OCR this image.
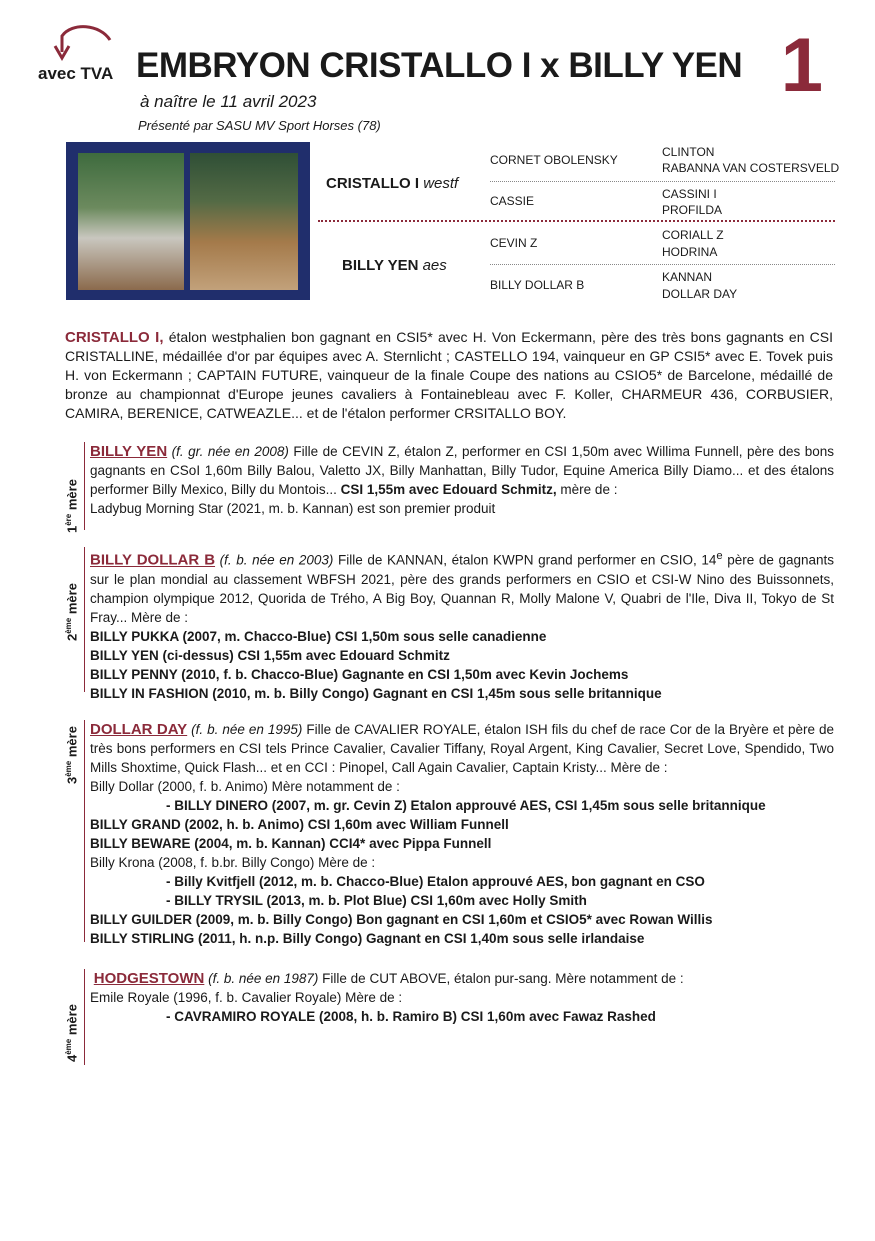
avec TVA	1
EMBRYON CRISTALLO I x BILLY YEN
à naître le 11 avril 2023
Présenté par SASU MV Sport Horses (78)
CRISTALLO I westf
BILLY YEN aes
CORNET OBOLENSKY
CASSIE
CEVIN Z
BILLY DOLLAR B
CLINTON
RABANNA VAN COSTERSVELD
CASSINI I
PROFILDA
CORIALL Z
HODRINA
KANNAN
DOLLAR DAY
CRISTALLO I, étalon westphalien bon gagnant en CSI5* avec H. Von Eckermann, père des très bons gagnants en CSI CRISTALLINE, médaillée d'or par équipes avec A. Sternlicht ; CASTELLO 194, vainqueur en GP CSI5* avec E. Tovek puis H. von Eckermann ; CAPTAIN FUTURE, vainqueur de la finale Coupe des nations au CSIO5* de Barcelone, médaillé de bronze au championnat d'Europe jeunes cavaliers à Fontainebleau avec F. Koller, CHARMEUR 436, CORBUSIER, CAMIRA, BERENICE, CATWEAZLE... et de l'étalon performer CRSITALLO BOY.
1ère mère

BILLY YEN (f. gr. née en 2008) Fille de CEVIN Z, étalon Z, performer en CSI 1,50m avec Willima Funnell, père des bons gagnants en CSoI 1,60m Billy Balou, Valetto JX, Billy Manhattan, Billy Tudor, Equine America Billy Diamo... et des étalons performer Billy Mexico, Billy du Montois... CSI 1,55m avec Edouard Schmitz, mère de :

Ladybug Morning Star (2021, m. b. Kannan) est son premier produit

2ème mère

BILLY DOLLAR B (f. b. née en 2003) Fille de KANNAN, étalon KWPN grand performer en CSIO, 14e père de gagnants sur le plan mondial au classement WBFSH 2021, père des grands performers en CSIO et CSI-W Nino des Buissonnets, champion olympique 2012, Quorida de Trého, A Big Boy, Quannan R, Molly Malone V, Quabri de l'Ile, Diva II, Tokyo de St Fray... Mère de :

BILLY PUKKA (2007, m. Chacco-Blue) CSI 1,50m sous selle canadienne

BILLY YEN (ci-dessus) CSI 1,55m avec Edouard Schmitz

BILLY PENNY (2010, f. b. Chacco-Blue) Gagnante en CSI 1,50m avec Kevin Jochems

BILLY IN FASHION (2010, m. b. Billy Congo) Gagnant en CSI 1,45m sous selle britannique

3ème mère DOLLAR DAY (f. b. née en 1995) Fille de CAVALIER ROYALE, étalon ISH fils du chef de race Cor de la Bryère et père de très bons performers en CSI tels Prince Cavalier, Cavalier Tiffany, Royal Argent, King Cavalier, Secret Love, Spendido, Two Mills Shoxtime, Quick Flash... et en CCI : Pinopel, Call Again Cavalier, Captain Kristy... Mère de :

Billy Dollar (2000, f. b. Animo) Mère notamment de :

- BILLY DINERO (2007, m. gr. Cevin Z) Etalon approuvé AES, CSI 1,45m sous selle britannique

BILLY GRAND (2002, h. b. Animo) CSI 1,60m avec William Funnell

BILLY BEWARE (2004, m. b. Kannan) CCI4* avec Pippa Funnell

Billy Krona (2008, f. b.br. Billy Congo) Mère de :

- Billy Kvitfjell (2012, m. b. Chacco-Blue) Etalon approuvé AES, bon gagnant en CSO

- BILLY TRYSIL (2013, m. b. Plot Blue) CSI 1,60m avec Holly Smith

BILLY GUILDER (2009, m. b. Billy Congo) Bon gagnant en CSI 1,60m et CSIO5* avec Rowan Willis

BILLY STIRLING (2011, h. n.p. Billy Congo) Gagnant en CSI 1,40m sous selle irlandaise

4ème mère

HODGESTOWN (f. b. née en 1987) Fille de CUT ABOVE, étalon pur-sang. Mère notamment de :

Emile Royale (1996, f. b. Cavalier Royale) Mère de :

- CAVRAMIRO ROYALE (2008, h. b. Ramiro B) CSI 1,60m avec Fawaz Rashed
